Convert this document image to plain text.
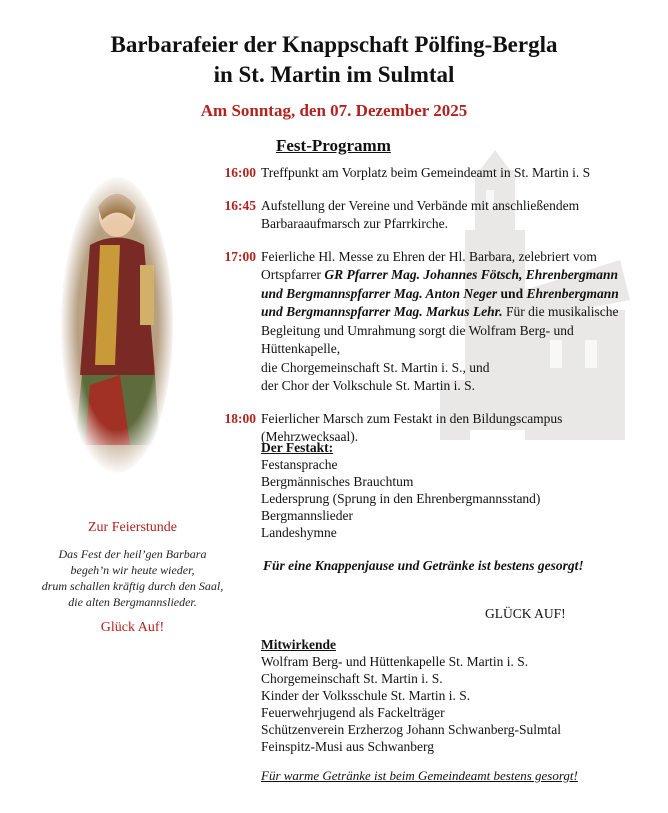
Barbarafeier der Knappschaft Pölfing-Bergla
in St. Martin im Sulmtal
Am Sonntag, den 07. Dezember 2025
Fest-Programm
Zur Feierstunde
Das Fest der heil’gen Barbara
begeh’n wir heute wieder,
drum schallen kräftig durch den Saal,
die alten Bergmannslieder.
Glück Auf!
16:00 Treffpunkt am Vorplatz beim Gemeindeamt in St. Martin i. S
16:45 Aufstellung der Vereine und Verbände mit anschließendem Barbaraaufmarsch zur Pfarrkirche.
17:00 Feierliche Hl. Messe zu Ehren der Hl. Barbara, zelebriert vom Ortspfarrer GR Pfarrer Mag. Johannes Fötsch, Ehrenbergmann und Bergmannspfarrer Mag. Anton Neger und Ehrenbergmann und Bergmannspfarrer Mag. Markus Lehr. Für die musikalische Begleitung und Umrahmung sorgt die Wolfram Berg- und Hüttenkapelle,
die Chorgemeinschaft St. Martin i. S., und
der Chor der Volkschule St. Martin i. S.
18:00 Feierlicher Marsch zum Festakt in den Bildungscampus (Mehrzwecksaal).
Der Festakt:
Festansprache
Bergmännisches Brauchtum
Ledersprung (Sprung in den Ehrenbergmannsstand)
Bergmannslieder
Landeshymne
Für eine Knappenjause und Getränke ist bestens gesorgt!
GLÜCK AUF!
Mitwirkende
Wolfram Berg- und Hüttenkapelle St. Martin i. S.
Chorgemeinschaft St. Martin i. S.
Kinder der Volksschule St. Martin i. S.
Feuerwehrjugend als Fackelträger
Schützenverein Erzherzog Johann Schwanberg-Sulmtal
Feinspitz-Musi aus Schwanberg
Für warme Getränke ist beim Gemeindeamt bestens gesorgt!
